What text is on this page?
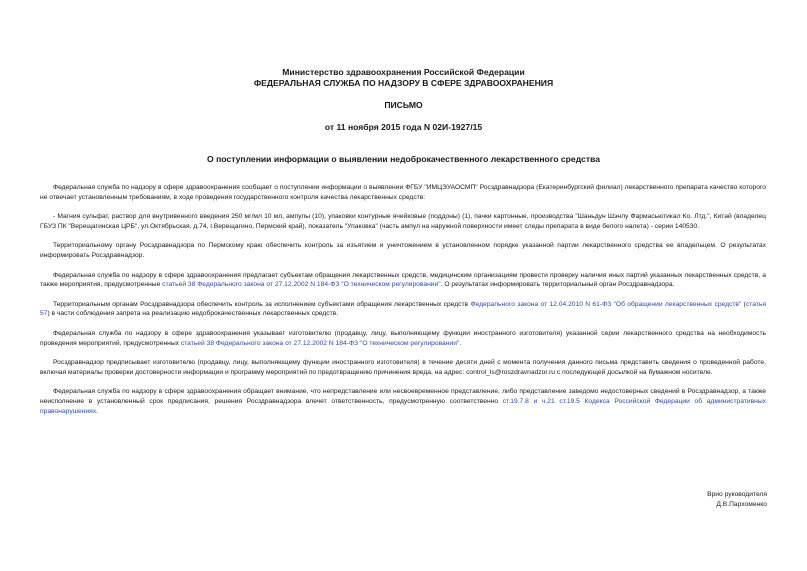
Министерство здравоохранения Российской Федерации
ФЕДЕРАЛЬНАЯ СЛУЖБА ПО НАДЗОРУ В СФЕРЕ ЗДРАВООХРАНЕНИЯ
ПИСЬМО
от 11 ноября 2015 года N 02И-1927/15
О поступлении информации о выявлении недоброкачественного лекарственного средства

Федеральная служба по надзору в сфере здравоохранения сообщает о поступлении информации о выявлении ФГБУ "ИМЦЭУАОСМП" Росздравнадзора (Екатеринбургский филиал) лекарственного препарата качество которого не отвечает установленным требованиям, в ходе проведения государственного контроля качества лекарственных средств:

- Магния сульфат, раствор для внутривенного введения 250 мг/мл 10 мл, ампулы (10), упаковки контурные ячейковые (поддоны) (1), пачки картонные, производства "Шаньдун Шэнлу Фармасьютикал Ко. Лтд.", Китай (владелец ГБУЗ ПК "Верещагинская ЦРБ", ул.Октябрьская, д.74, г.Верещагино, Пермский край), показатель "Упаковка" (часть ампул на наружной поверхности имеет следы препарата в виде белого налета) - серии 140530.

Территориальному органу Росздравнадзора по Пермскому краю обеспечить контроль за изъятием и уничтожением в установленном порядке указанной партии лекарственного средства ее владельцем. О результатах информировать Росздравнадзор.

Федеральная служба по надзору в сфере здравоохранения предлагает субъектам обращения лекарственных средств, медицинским организациям провести проверку наличия иных партий указанных лекарственных средств, а также мероприятия, предусмотренные статьей 38 Федерального закона от 27.12.2002 N 184-ФЗ "О техническом регулировании". О результатах информировать территориальный орган Росздравнадзора.

Территориальным органам Росздравнадзора обеспечить контроль за исполнением субъектами обращения лекарственных средств Федерального закона от 12.04.2010 N 61-ФЗ "Об обращении лекарственных средств" (статья 57) в части соблюдения запрета на реализацию недоброкачественных лекарственных средств.

Федеральная служба по надзору в сфере здравоохранения указывает изготовителю (продавцу, лицу, выполняющему функции иностранного изготовителя) указанной серии лекарственного средства на необходимость проведения мероприятий, предусмотренных статьей 38 Федерального закона от 27.12.2002 N 184-ФЗ "О техническом регулировании".

Росздравнадзор предписывает изготовителю (продавцу, лицу, выполняющему функции иностранного изготовителя) в течение десяти дней с момента получения данного письма представить сведения о проведенной работе, включая материалы проверки достоверности информации и программу мероприятий по предотвращению причинения вреда, на адрес: control_ls@roszdravnadzor.ru с последующей досылкой на бумажном носителе.

Федеральная служба по надзору в сфере здравоохранения обращает внимание, что непредставление или несвоевременное представление, либо представление заведомо недостоверных сведений в Росздравнадзор, а также неисполнение в установленный срок предписания, решения Росздравнадзора влечет ответственность, предусмотренную соответственно ст.19.7.8 и ч.21 ст.19.5 Кодекса Российской Федерации об административных правонарушениях.

Врио руководителя
Д.В.Пархоменко
